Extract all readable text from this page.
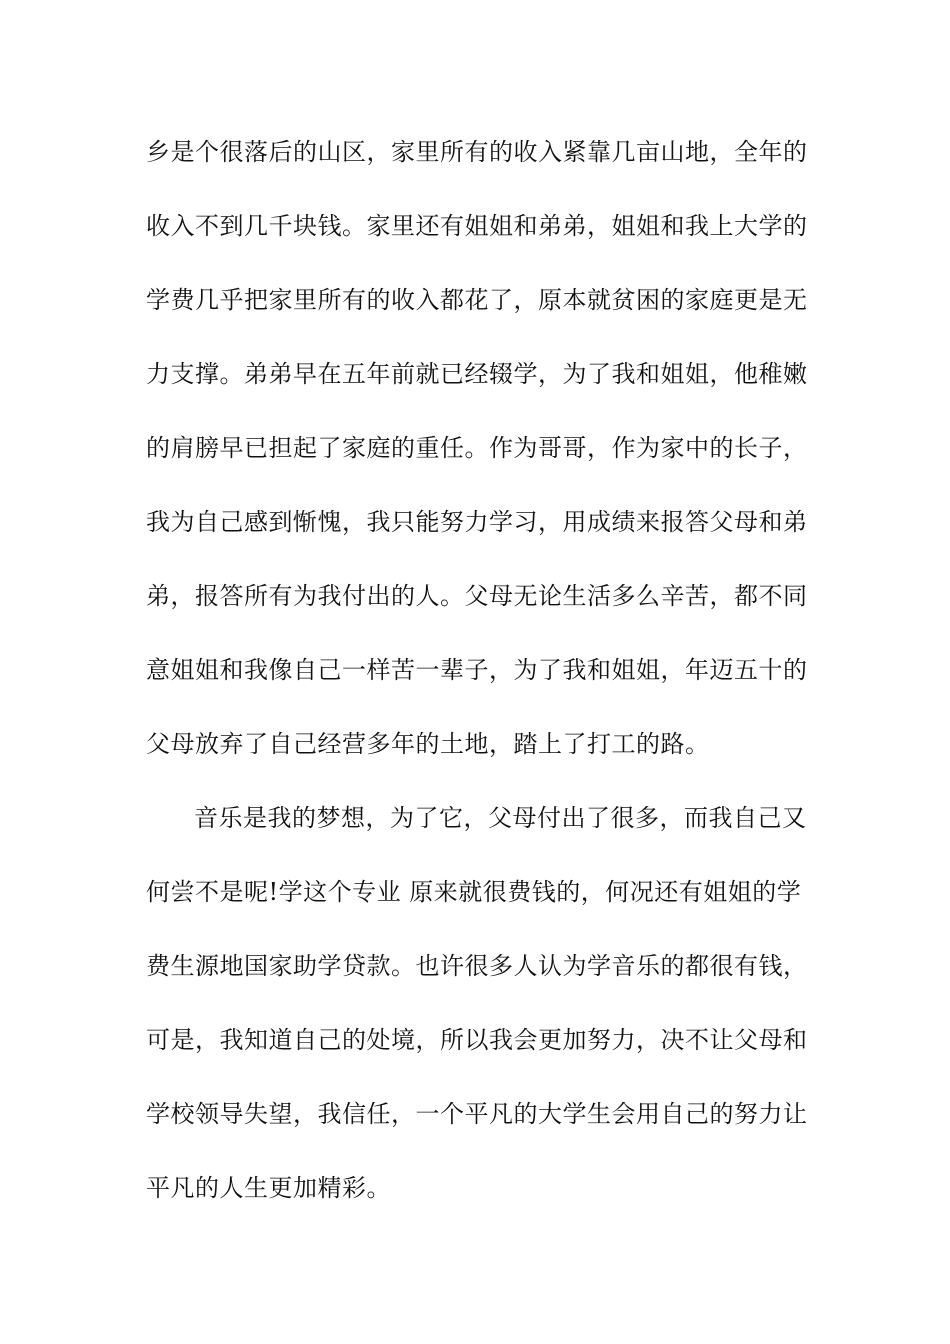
乡是个很落后的山区，家里所有的收入紧靠几亩山地，全年的
收入不到几千块钱。家里还有姐姐和弟弟，姐姐和我上大学的
学费几乎把家里所有的收入都花了，原本就贫困的家庭更是无
力支撑。弟弟早在五年前就已经辍学，为了我和姐姐，他稚嫩
的肩膀早已担起了家庭的重任。作为哥哥，作为家中的长子，
我为自己感到惭愧，我只能努力学习，用成绩来报答父母和弟
弟，报答所有为我付出的人。父母无论生活多么辛苦，都不同
意姐姐和我像自己一样苦一辈子，为了我和姐姐，年迈五十的
父母放弃了自己经营多年的土地，踏上了打工的路。
音乐是我的梦想，为了它，父母付出了很多，而我自己又
何尝不是呢!学这个专业 原来就很费钱的，何况还有姐姐的学
费生源地国家助学贷款。也许很多人认为学音乐的都很有钱，
可是，我知道自己的处境，所以我会更加努力，决不让父母和
学校领导失望，我信任，一个平凡的大学生会用自己的努力让
平凡的人生更加精彩。
